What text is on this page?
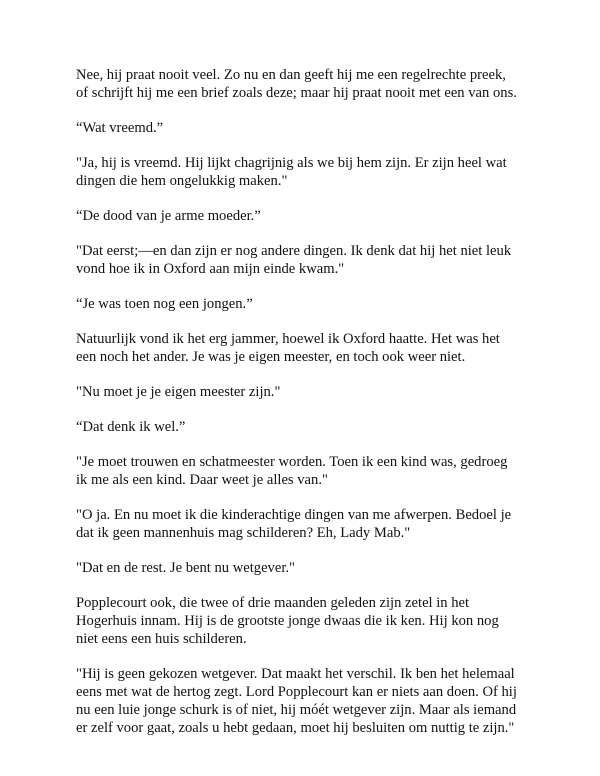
Nee, hij praat nooit veel. Zo nu en dan geeft hij me een regelrechte preek,
of schrijft hij me een brief zoals deze; maar hij praat nooit met een van ons.

“Wat vreemd.”

"Ja, hij is vreemd. Hij lijkt chagrijnig als we bij hem zijn. Er zijn heel wat
dingen die hem ongelukkig maken."

“De dood van je arme moeder.”

"Dat eerst;—en dan zijn er nog andere dingen. Ik denk dat hij het niet leuk
vond hoe ik in Oxford aan mijn einde kwam."

“Je was toen nog een jongen.”

Natuurlijk vond ik het erg jammer, hoewel ik Oxford haatte. Het was het
een noch het ander. Je was je eigen meester, en toch ook weer niet.

"Nu moet je je eigen meester zijn."

“Dat denk ik wel.”

"Je moet trouwen en schatmeester worden. Toen ik een kind was, gedroeg
ik me als een kind. Daar weet je alles van."

"O ja. En nu moet ik die kinderachtige dingen van me afwerpen. Bedoel je
dat ik geen mannenhuis mag schilderen? Eh, Lady Mab."

"Dat en de rest. Je bent nu wetgever."

Popplecourt ook, die twee of drie maanden geleden zijn zetel in het
Hogerhuis innam. Hij is de grootste jonge dwaas die ik ken. Hij kon nog
niet eens een huis schilderen.

"Hij is geen gekozen wetgever. Dat maakt het verschil. Ik ben het helemaal
eens met wat de hertog zegt. Lord Popplecourt kan er niets aan doen. Of hij
nu een luie jonge schurk is of niet, hij móét wetgever zijn. Maar als iemand
er zelf voor gaat, zoals u hebt gedaan, moet hij besluiten om nuttig te zijn."
